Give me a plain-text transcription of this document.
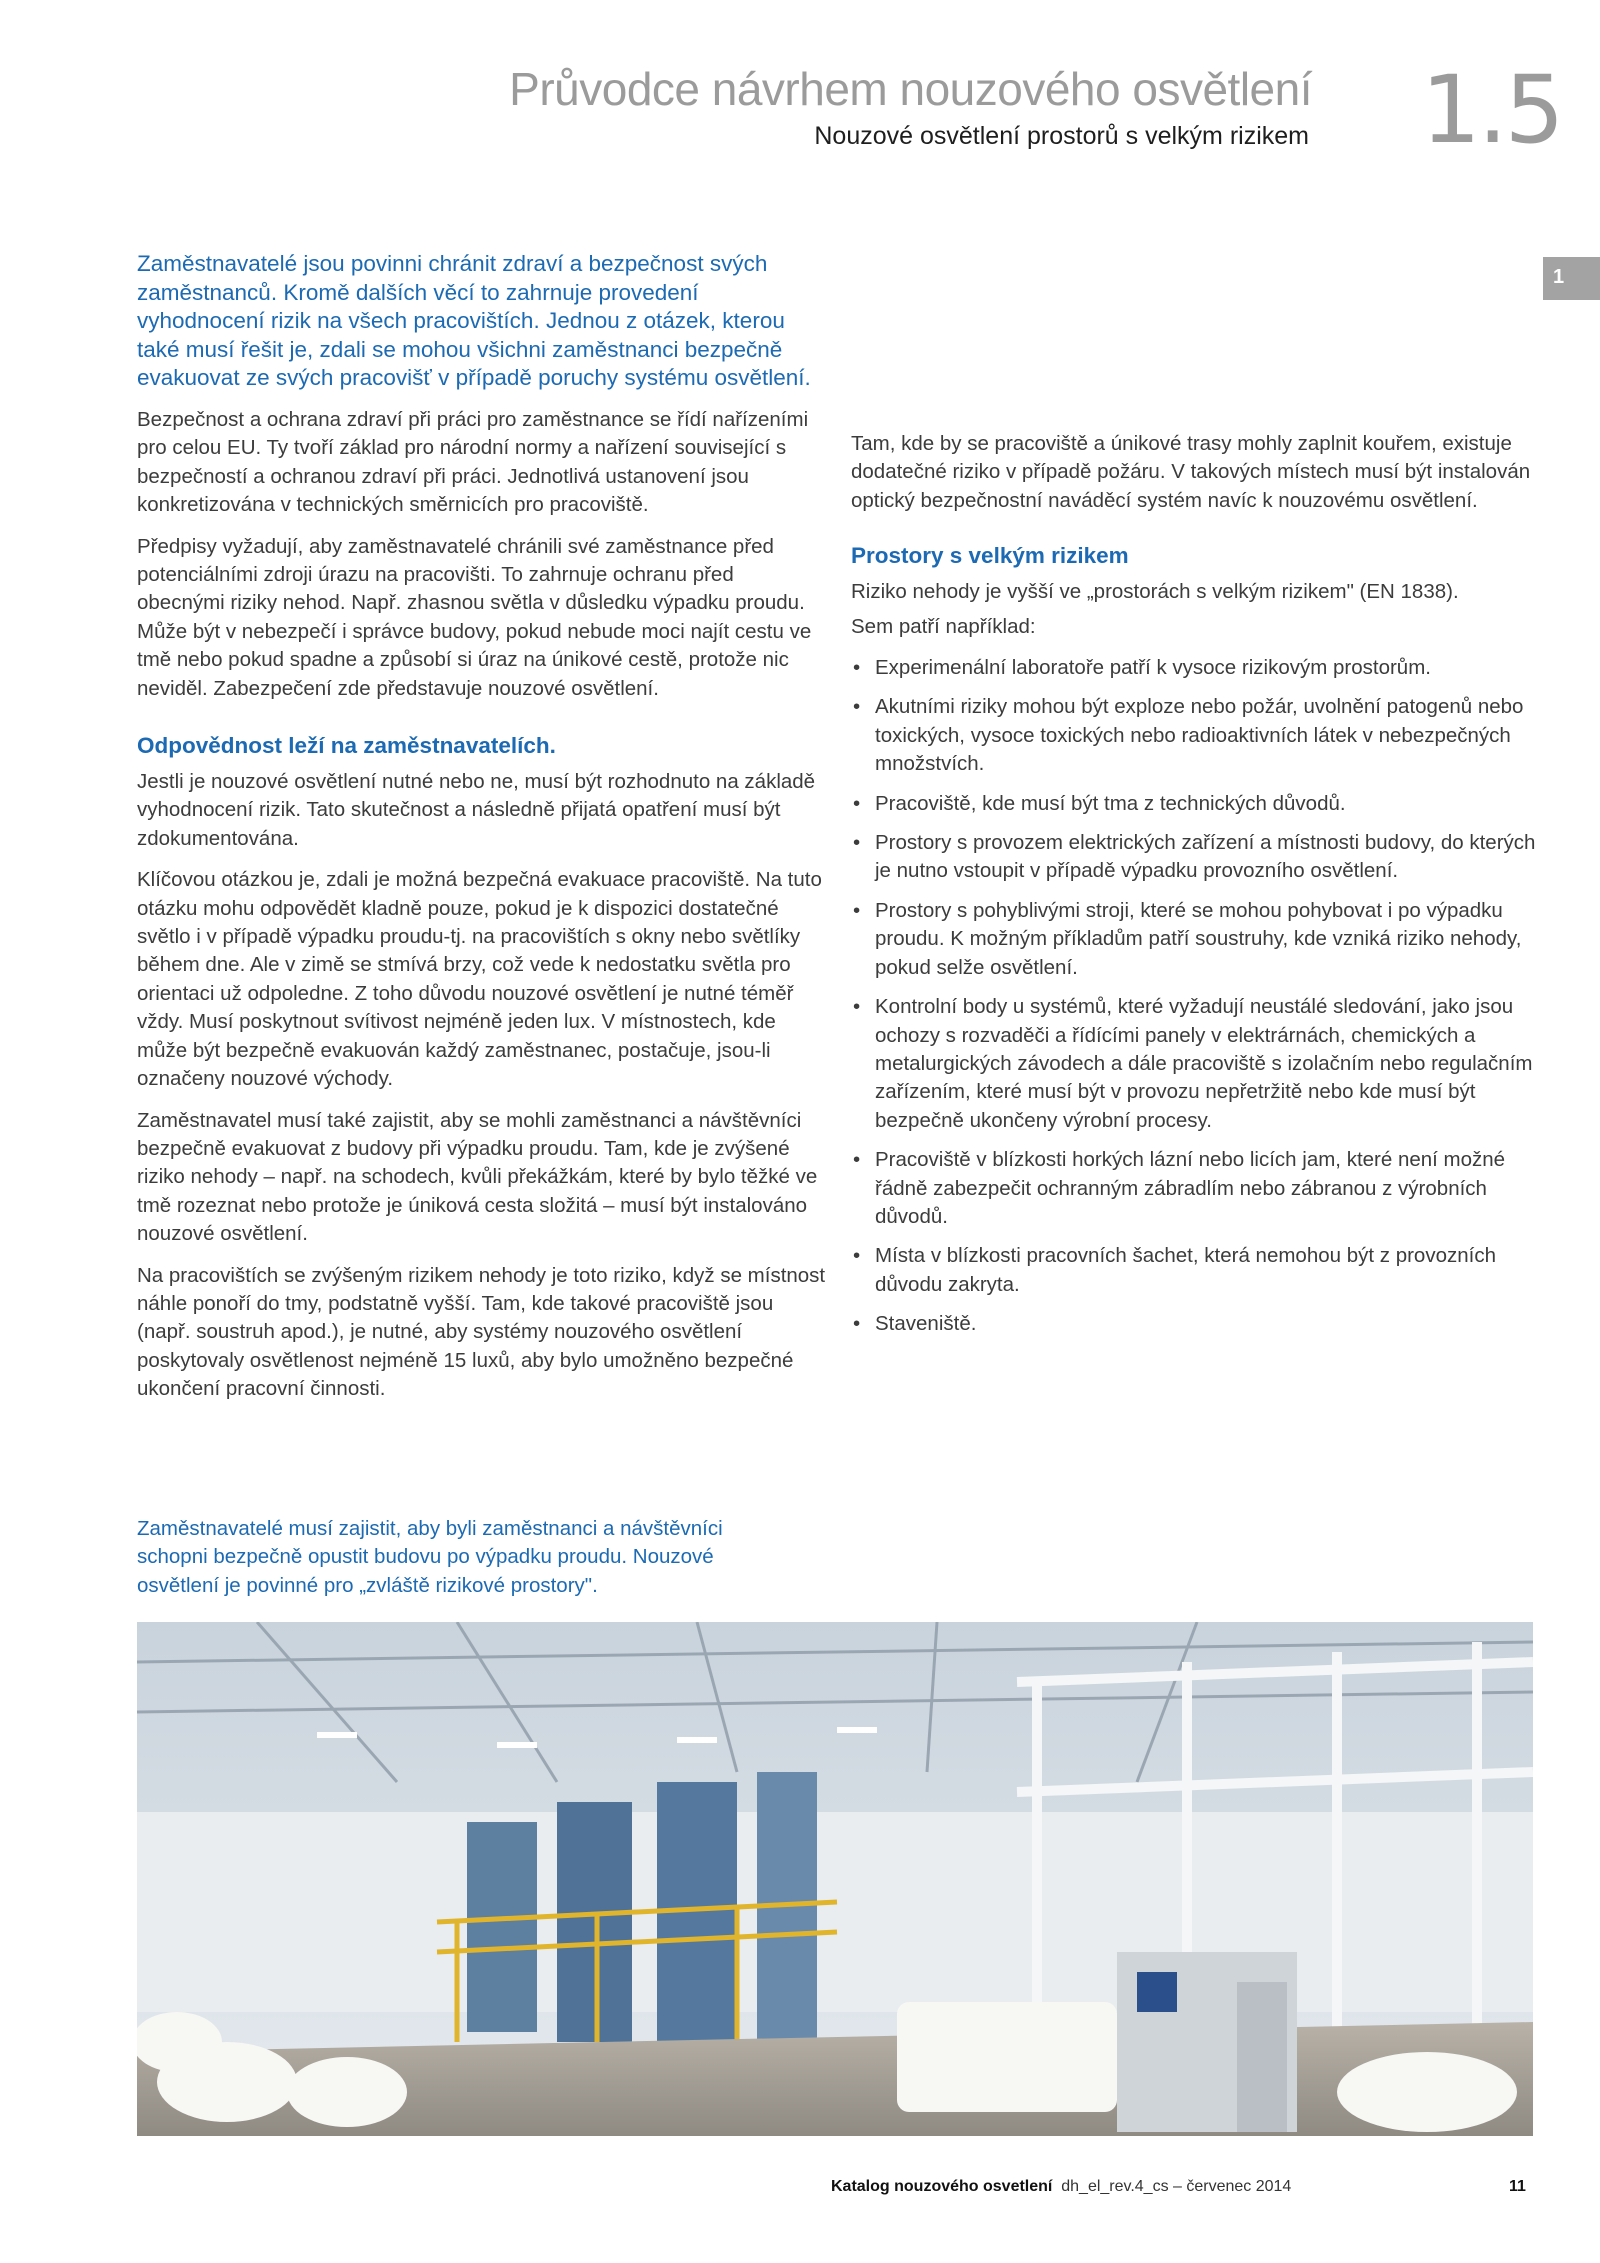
Průvodce návrhem nouzového osvětlení
Nouzové osvětlení prostorů s velkým rizikem 1.5
1

Zaměstnavatelé jsou povinni chránit zdraví a bezpečnost svých zaměstnanců. Kromě dalších věcí to zahrnuje provedení vyhodnocení rizik na všech pracovištích. Jednou z otázek, kterou také musí řešit je, zdali se mohou všichni zaměstnanci bezpečně evakuovat ze svých pracovišť v případě poruchy systému osvětlení.

Bezpečnost a ochrana zdraví při práci pro zaměstnance se řídí nařízeními pro celou EU. Ty tvoří základ pro národní normy a nařízení související s bezpečností a ochranou zdraví při práci. Jednotlivá ustanovení jsou konkretizována v technických směrnicích pro pracoviště.

Předpisy vyžadují, aby zaměstnavatelé chránili své zaměstnance před potenciálními zdroji úrazu na pracovišti. To zahrnuje ochranu před obecnými riziky nehod. Např. zhasnou světla v důsledku výpadku proudu. Může být v nebezpečí i správce budovy, pokud nebude moci najít cestu ve tmě nebo pokud spadne a způsobí si úraz na únikové cestě, protože nic neviděl. Zabezpečení zde představuje nouzové osvětlení.

Odpovědnost leží na zaměstnavatelích.

Jestli je nouzové osvětlení nutné nebo ne, musí být rozhodnuto na základě vyhodnocení rizik. Tato skutečnost a následně přijatá opatření musí být zdokumentována.

Klíčovou otázkou je, zdali je možná bezpečná evakuace pracoviště. Na tuto otázku mohu odpovědět kladně pouze, pokud je k dispozici dostatečné světlo i v případě výpadku proudu-tj. na pracovištích s okny nebo světlíky během dne. Ale v zimě se stmívá brzy, což vede k nedostatku světla pro orientaci už odpoledne. Z toho důvodu nouzové osvětlení je nutné téměř vždy. Musí poskytnout svítivost nejméně jeden lux. V místnostech, kde může být bezpečně evakuován každý zaměstnanec, postačuje, jsou-li označeny nouzové východy.

Zaměstnavatel musí také zajistit, aby se mohli zaměstnanci a návštěvníci bezpečně evakuovat z budovy při výpadku proudu. Tam, kde je zvýšené riziko nehody – např. na schodech, kvůli překážkám, které by bylo těžké ve tmě rozeznat nebo protože je úniková cesta složitá – musí být instalováno nouzové osvětlení.

Na pracovištích se zvýšeným rizikem nehody je toto riziko, když se místnost náhle ponoří do tmy, podstatně vyšší. Tam, kde takové pracoviště jsou (např. soustruh apod.), je nutné, aby systémy nouzového osvětlení poskytovaly osvětlenost nejméně 15 luxů, aby bylo umožněno bezpečné ukončení pracovní činnosti.

Zaměstnavatelé musí zajistit, aby byli zaměstnanci a návštěvníci schopni bezpečně opustit budovu po výpadku proudu. Nouzové osvětlení je povinné pro „zvláště rizikové prostory".

Tam, kde by se pracoviště a únikové trasy mohly zaplnit kouřem, existuje dodatečné riziko v případě požáru. V takových místech musí být instalován optický bezpečnostní naváděcí systém navíc k nouzovému osvětlení.

Prostory s velkým rizikem

Riziko nehody je vyšší ve „prostorách s velkým rizikem" (EN 1838).

Sem patří například:

• Experimenální laboratoře patří k vysoce rizikovým prostorům.
• Akutními riziky mohou být exploze nebo požár, uvolnění patogenů nebo toxických, vysoce toxických nebo radioaktivních látek v nebezpečných množstvích.
• Pracoviště, kde musí být tma z technických důvodů.
• Prostory s provozem elektrických zařízení a místnosti budovy, do kterých je nutno vstoupit v případě výpadku provozního osvětlení.
• Prostory s pohyblivými stroji, které se mohou pohybovat i po výpadku proudu. K možným příkladům patří soustruhy, kde vzniká riziko nehody, pokud selže osvětlení.
• Kontrolní body u systémů, které vyžadují neustálé sledování, jako jsou ochozy s rozvaděči a řídícími panely v elektrárnách, chemických a metalurgických závodech a dále pracoviště s izolačním nebo regulačním zařízením, které musí být v provozu nepřetržitě nebo kde musí být bezpečně ukončeny výrobní procesy.
• Pracoviště v blízkosti horkých lázní nebo licích jam, které není možné řádně zabezpečit ochranným zábradlím nebo zábranou z výrobních důvodů.
• Místa v blízkosti pracovních šachet, která nemohou být z provozních důvodu zakryta.
• Staveniště.
Katalog nouzového osvetlení dh_el_rev.4_cs – červenec 2014	11
